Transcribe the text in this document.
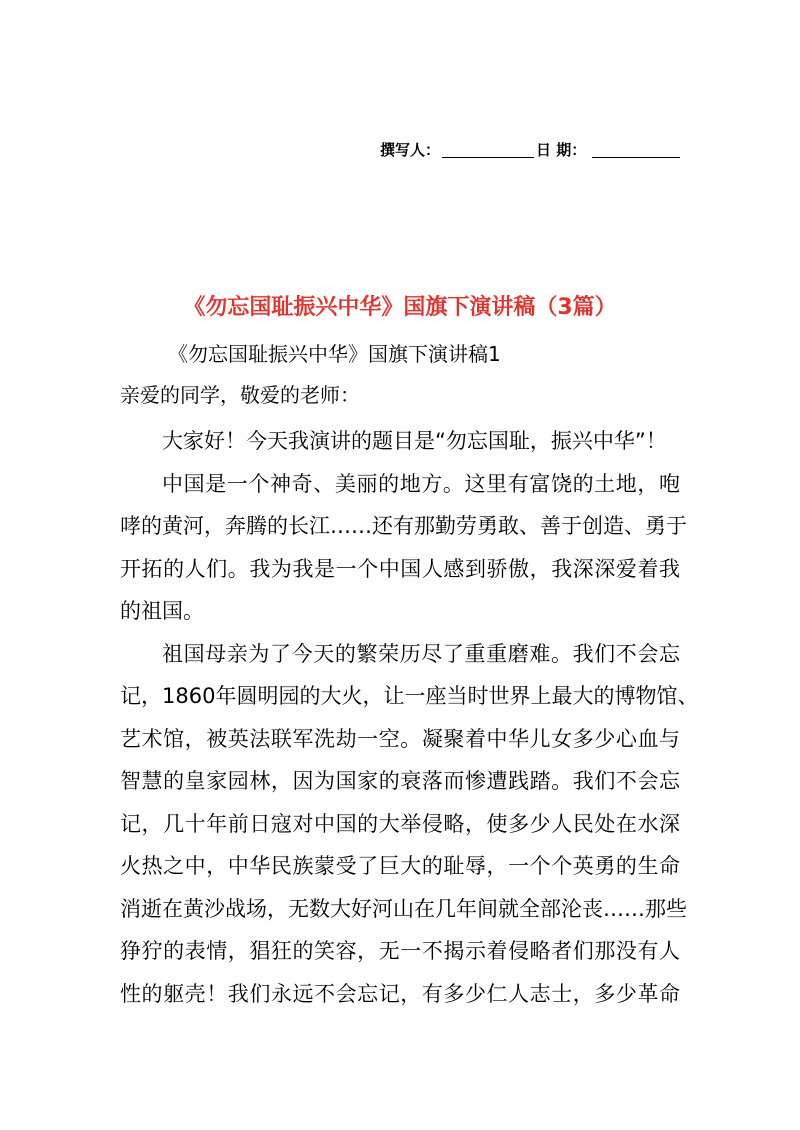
撰写人：	日 期：
《勿忘国耻振兴中华》国旗下演讲稿（3篇）
《勿忘国耻振兴中华》国旗下演讲稿1
亲爱的同学，敬爱的老师：
大家好！今天我演讲的题目是“勿忘国耻，振兴中华”！
中国是一个神奇、美丽的地方。这里有富饶的土地，咆
哮的黄河，奔腾的长江……还有那勤劳勇敢、善于创造、勇于
开拓的人们。我为我是一个中国人感到骄傲，我深深爱着我
的祖国。
祖国母亲为了今天的繁荣历尽了重重磨难。我们不会忘
记，1860年圆明园的大火，让一座当时世界上最大的博物馆、
艺术馆，被英法联军洗劫一空。凝聚着中华儿女多少心血与
智慧的皇家园林，因为国家的衰落而惨遭践踏。我们不会忘
记，几十年前日寇对中国的大举侵略，使多少人民处在水深
火热之中，中华民族蒙受了巨大的耻辱，一个个英勇的生命
消逝在黄沙战场，无数大好河山在几年间就全部沦丧……那些
狰狞的表情，猖狂的笑容，无一不揭示着侵略者们那没有人
性的躯壳！我们永远不会忘记，有多少仁人志士，多少革命
